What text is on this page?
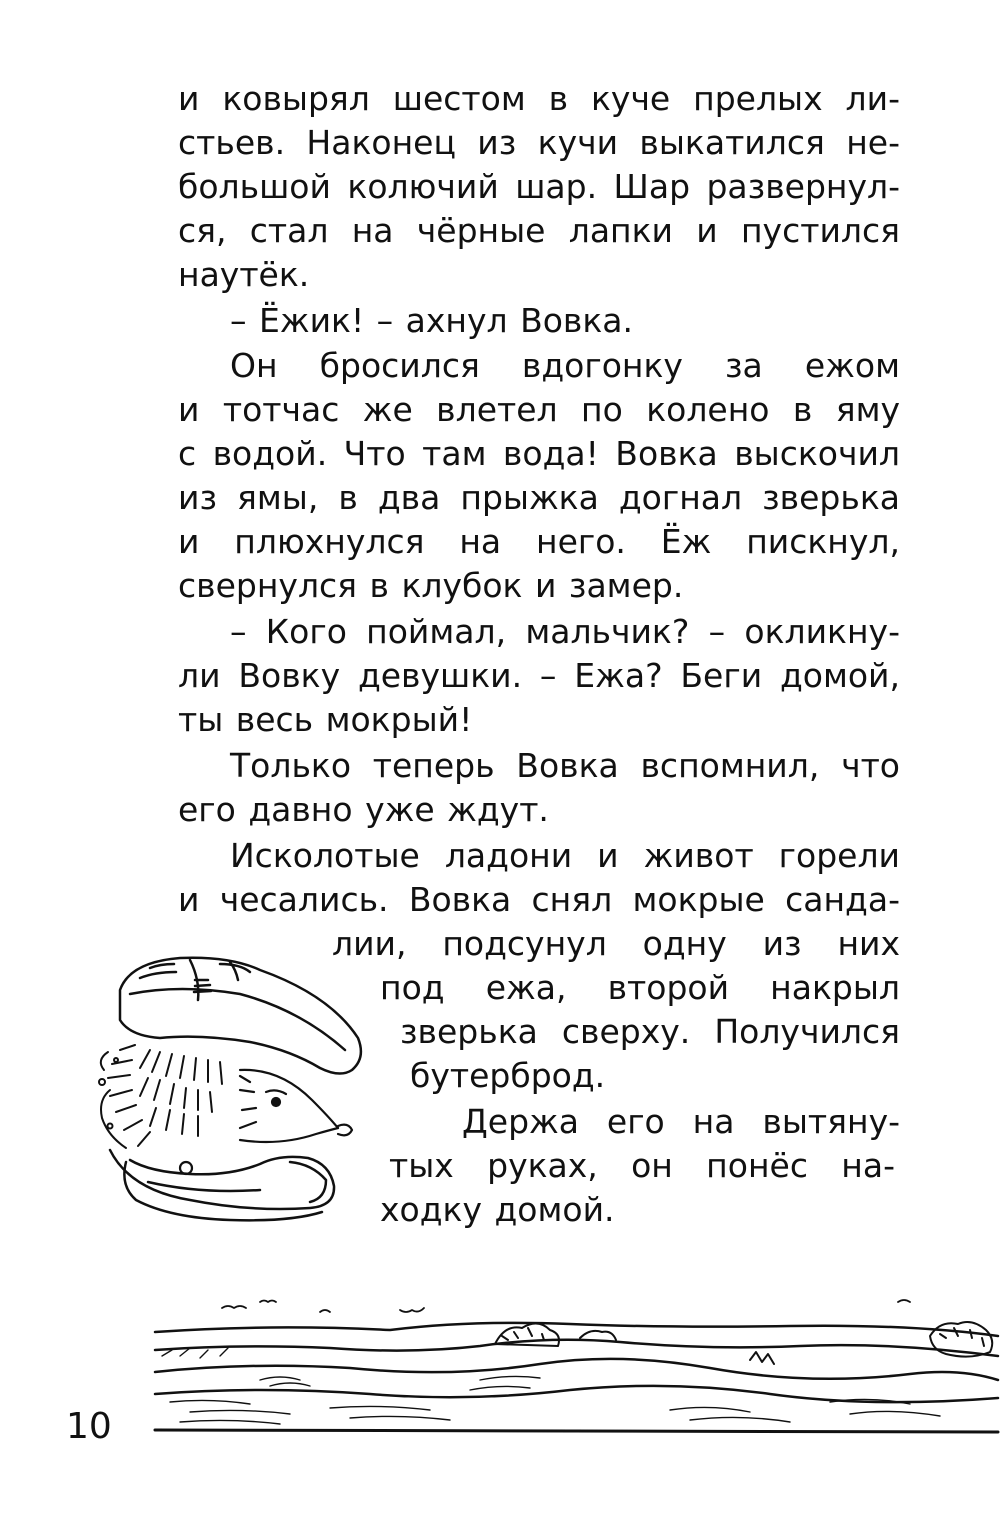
и ковырял шестом в куче прелых ли-

стьев. Наконец из кучи выкатился не-

большой колючий шар. Шар развернул-

ся, стал на чёрные лапки и пустился

наутёк.

– Ёжик! – ахнул Вовка.

Он бросился вдогонку за ежом

и тотчас же влетел по колено в яму

с водой. Что там вода! Вовка выскочил

из ямы, в два прыжка догнал зверька

и плюхнулся на него. Ёж пискнул,

свернулся в клубок и замер.

– Кого поймал, мальчик? – окликну-

ли Вовку девушки. – Ежа? Беги домой,

ты весь мокрый!

Только теперь Вовка вспомнил, что

его давно уже ждут.

Исколотые ладони и живот горели

и чесались. Вовка снял мокрые санда-

лии, подсунул одну из них

под ежа, второй накрыл

зверька сверху. Получился

бутерброд.

Держа его на вытяну-

тых руках, он понёс на-

ходку домой.

10
